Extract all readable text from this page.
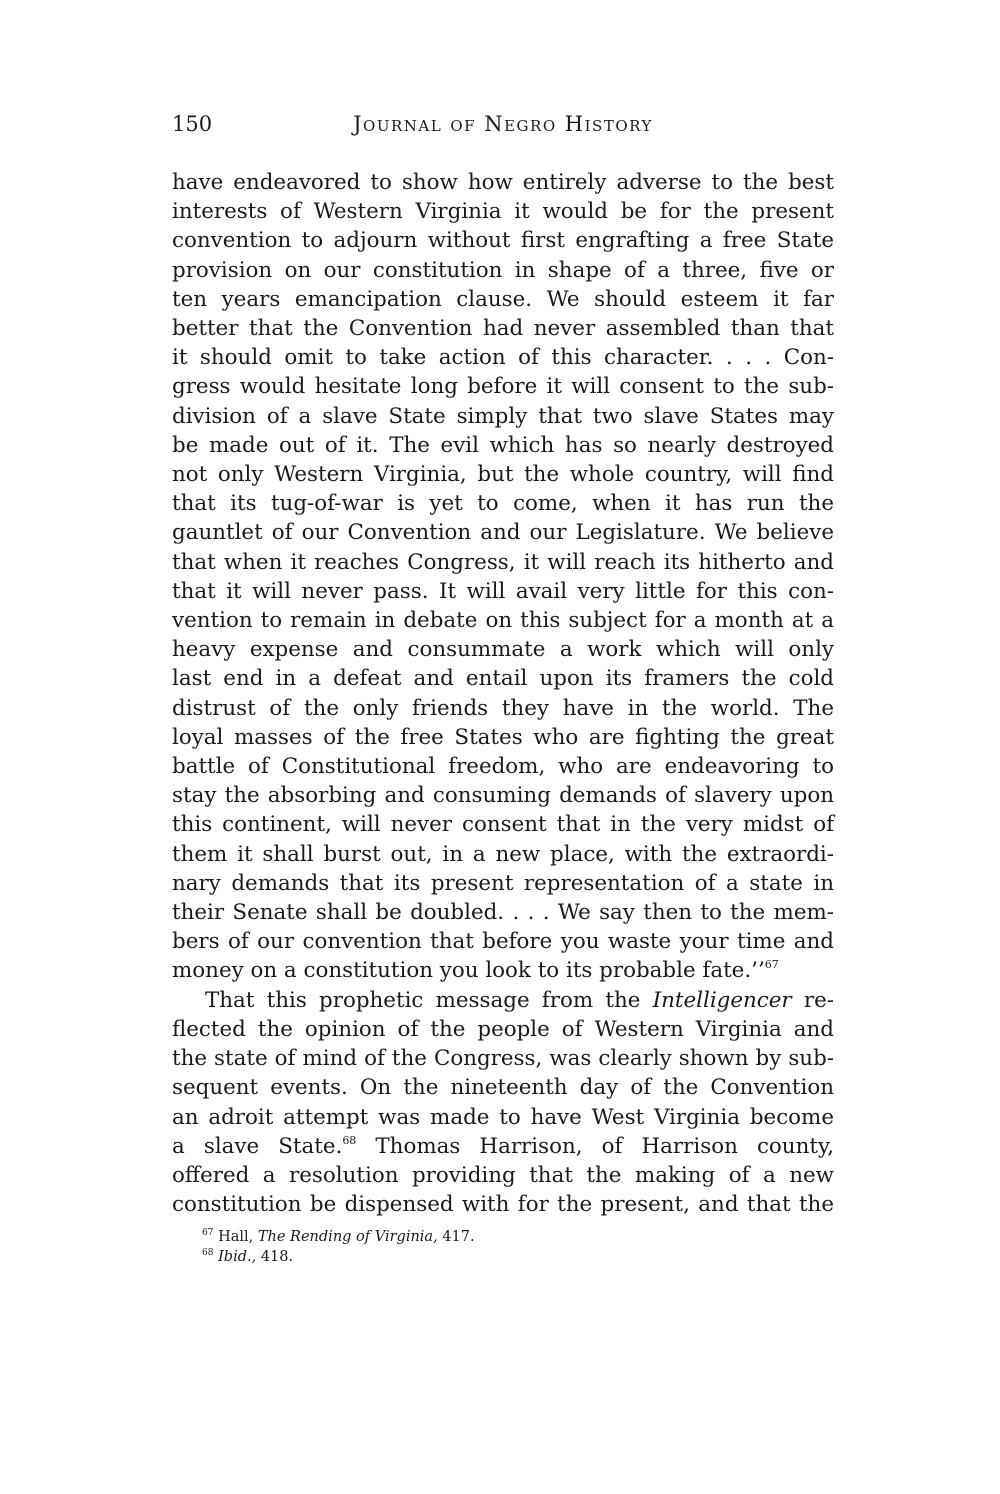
150	Journal of Negro History

have endeavored to show how entirely adverse to the best
interests of Western Virginia it would be for the present
convention to adjourn without first engrafting a free State
provision on our constitution in shape of a three, five or
ten years emancipation clause. We should esteem it far
better that the Convention had never assembled than that
it should omit to take action of this character. . . . Con-
gress would hesitate long before it will consent to the sub-
division of a slave State simply that two slave States may
be made out of it. The evil which has so nearly destroyed
not only Western Virginia, but the whole country, will find
that its tug-of-war is yet to come, when it has run the
gauntlet of our Convention and our Legislature. We believe
that when it reaches Congress, it will reach its hitherto and
that it will never pass. It will avail very little for this con-
vention to remain in debate on this subject for a month at a
heavy expense and consummate a work which will only
last end in a defeat and entail upon its framers the cold
distrust of the only friends they have in the world. The
loyal masses of the free States who are fighting the great
battle of Constitutional freedom, who are endeavoring to
stay the absorbing and consuming demands of slavery upon
this continent, will never consent that in the very midst of
them it shall burst out, in a new place, with the extraordi-
nary demands that its present representation of a state in
their Senate shall be doubled. . . . We say then to the mem-
bers of our convention that before you waste your time and
money on a constitution you look to its probable fate.’’$^{67}$

That this prophetic message from the Intelligencer re-
flected the opinion of the people of Western Virginia and
the state of mind of the Congress, was clearly shown by sub-
sequent events. On the nineteenth day of the Convention
an adroit attempt was made to have West Virginia become
a slave State.$^{68}$ Thomas Harrison, of Harrison county,
offered a resolution providing that the making of a new
constitution be dispensed with for the present, and that the

$^{67}$ Hall, The Rending of Virginia, 417.
$^{68}$ Ibid., 418.
